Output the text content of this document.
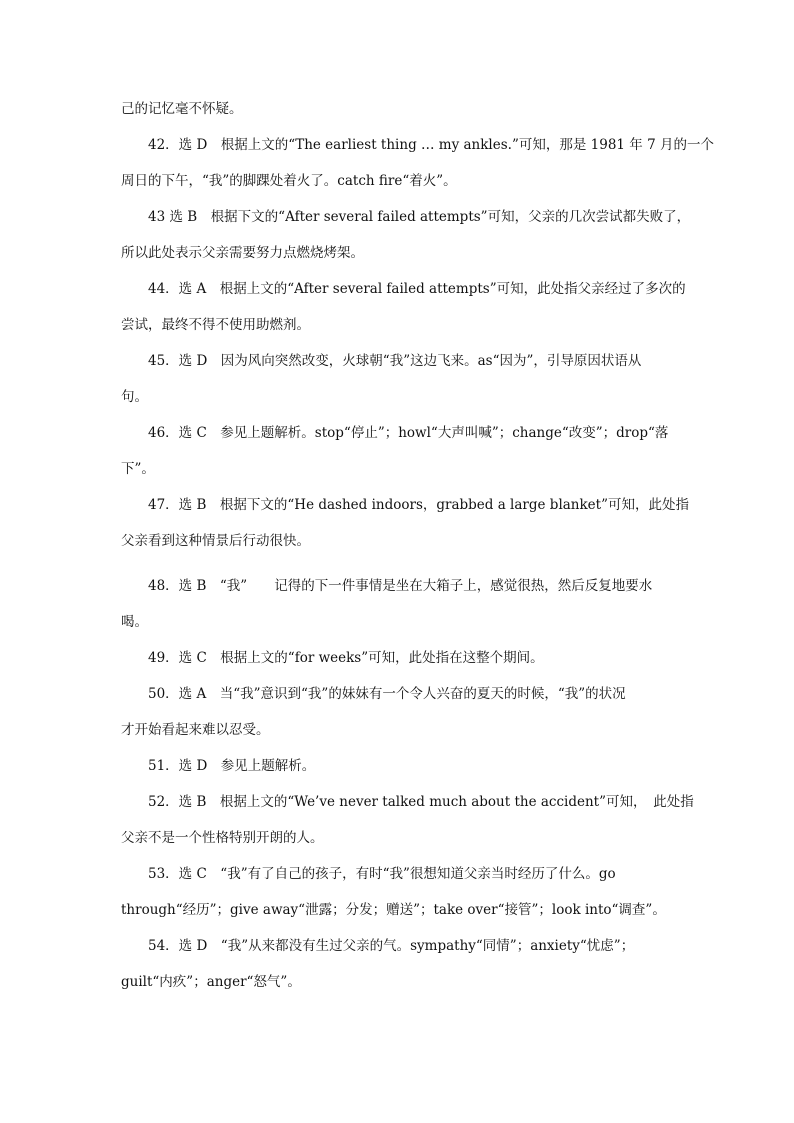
己的记忆毫不怀疑。
42．选 D　根据上文的“The earliest thing … my ankles.”可知，那是 1981 年 7 月的一个
周日的下午，“我”的脚踝处着火了。catch fire“着火”。
43 选 B　根据下文的“After several failed attempts”可知，父亲的几次尝试都失败了，
所以此处表示父亲需要努力点燃烧烤架。
44．选 A　根据上文的“After several failed attempts”可知，此处指父亲经过了多次的
尝试，最终不得不使用助燃剂。
45．选 D　因为风向突然改变，火球朝“我”这边飞来。as“因为”，引导原因状语从
句。
46．选 C　参见上题解析。stop“停止”；howl“大声叫喊”；change“改变”；drop“落
下”。
47．选 B　根据下文的“He dashed indoors，grabbed a large blanket”可知，此处指
父亲看到这种情景后行动很快。
48．选 B　“我”　　记得的下一件事情是坐在大箱子上，感觉很热，然后反复地要水
喝。
49．选 C　根据上文的“for weeks”可知，此处指在这整个期间。
50．选 A　当“我”意识到“我”的妹妹有一个令人兴奋的夏天的时候，“我”的状况
才开始看起来难以忍受。
51．选 D　参见上题解析。
52．选 B　根据上文的“We’ve never talked much about the accident”可知，　此处指
父亲不是一个性格特别开朗的人。
53．选 C　“我”有了自己的孩子，有时“我”很想知道父亲当时经历了什么。go
through“经历”；give away“泄露；分发；赠送”；take over“接管”；look into“调查”。
54．选 D　“我”从来都没有生过父亲的气。sympathy“同情”；anxiety“忧虑”；
guilt“内疚”；anger“怒气”。
